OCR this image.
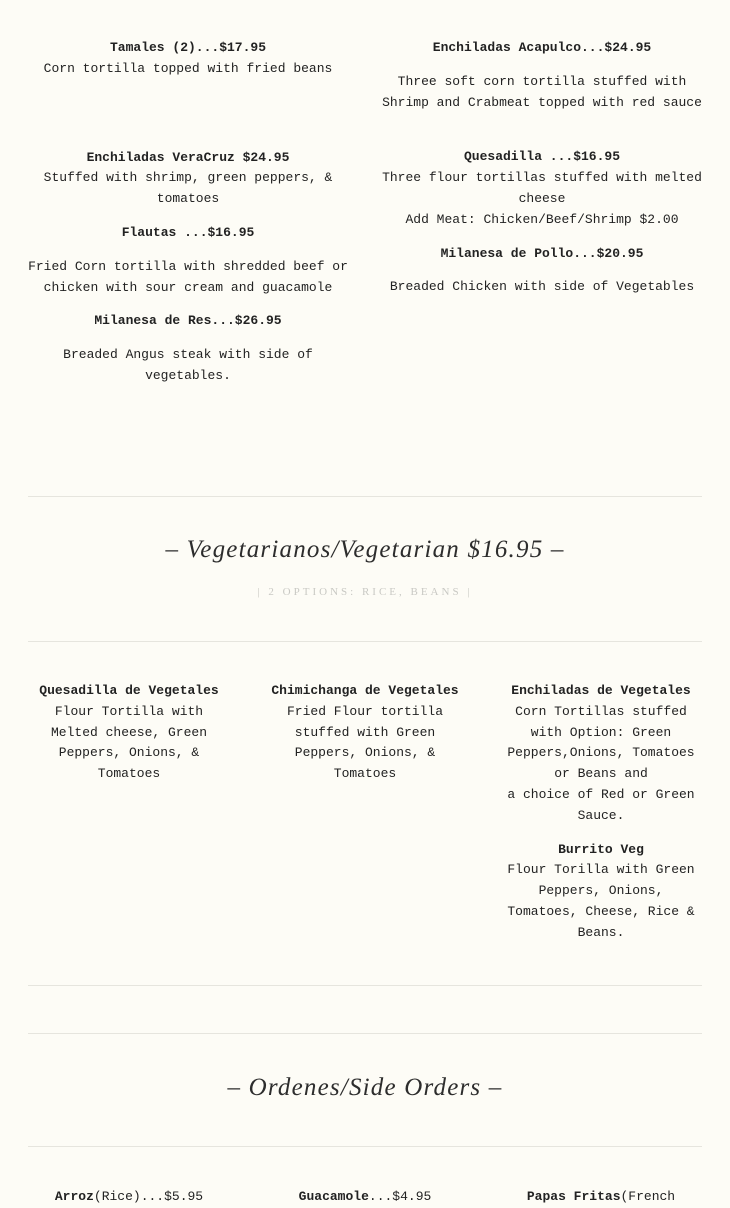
Tamales (2)...$17.95
Corn tortilla topped with fried beans
Enchiladas VeraCruz $24.95
Stuffed with shrimp, green peppers, & tomatoes
Flautas ...$16.95
Fried Corn tortilla with shredded beef or chicken with sour cream and guacamole
Milanesa de Res...$26.95
Breaded Angus steak with side of vegetables.
Enchiladas Acapulco...$24.95
Three soft corn tortilla stuffed with Shrimp and Crabmeat topped with red sauce
Quesadilla ...$16.95
Three flour tortillas stuffed with melted cheese
Add Meat: Chicken/Beef/Shrimp $2.00
Milanesa de Pollo...$20.95
Breaded Chicken with side of Vegetables
– Vegetarianos/Vegetarian $16.95 –
| 2 OPTIONS: RICE, BEANS |
Quesadilla de Vegetales
Flour Tortilla with Melted cheese, Green Peppers, Onions, & Tomatoes
Chimichanga de Vegetales
Fried Flour tortilla stuffed with Green Peppers, Onions, & Tomatoes
Enchiladas de Vegetales
Corn Tortillas stuffed with Option: Green Peppers,Onions, Tomatoes or Beans and
a choice of Red or Green Sauce.
Burrito Veg
Flour Torilla with Green Peppers, Onions, Tomatoes, Cheese, Rice & Beans.
– Ordenes/Side Orders –
Arroz(Rice)...$5.95	Guacamole...$4.95	Papas Fritas(French
